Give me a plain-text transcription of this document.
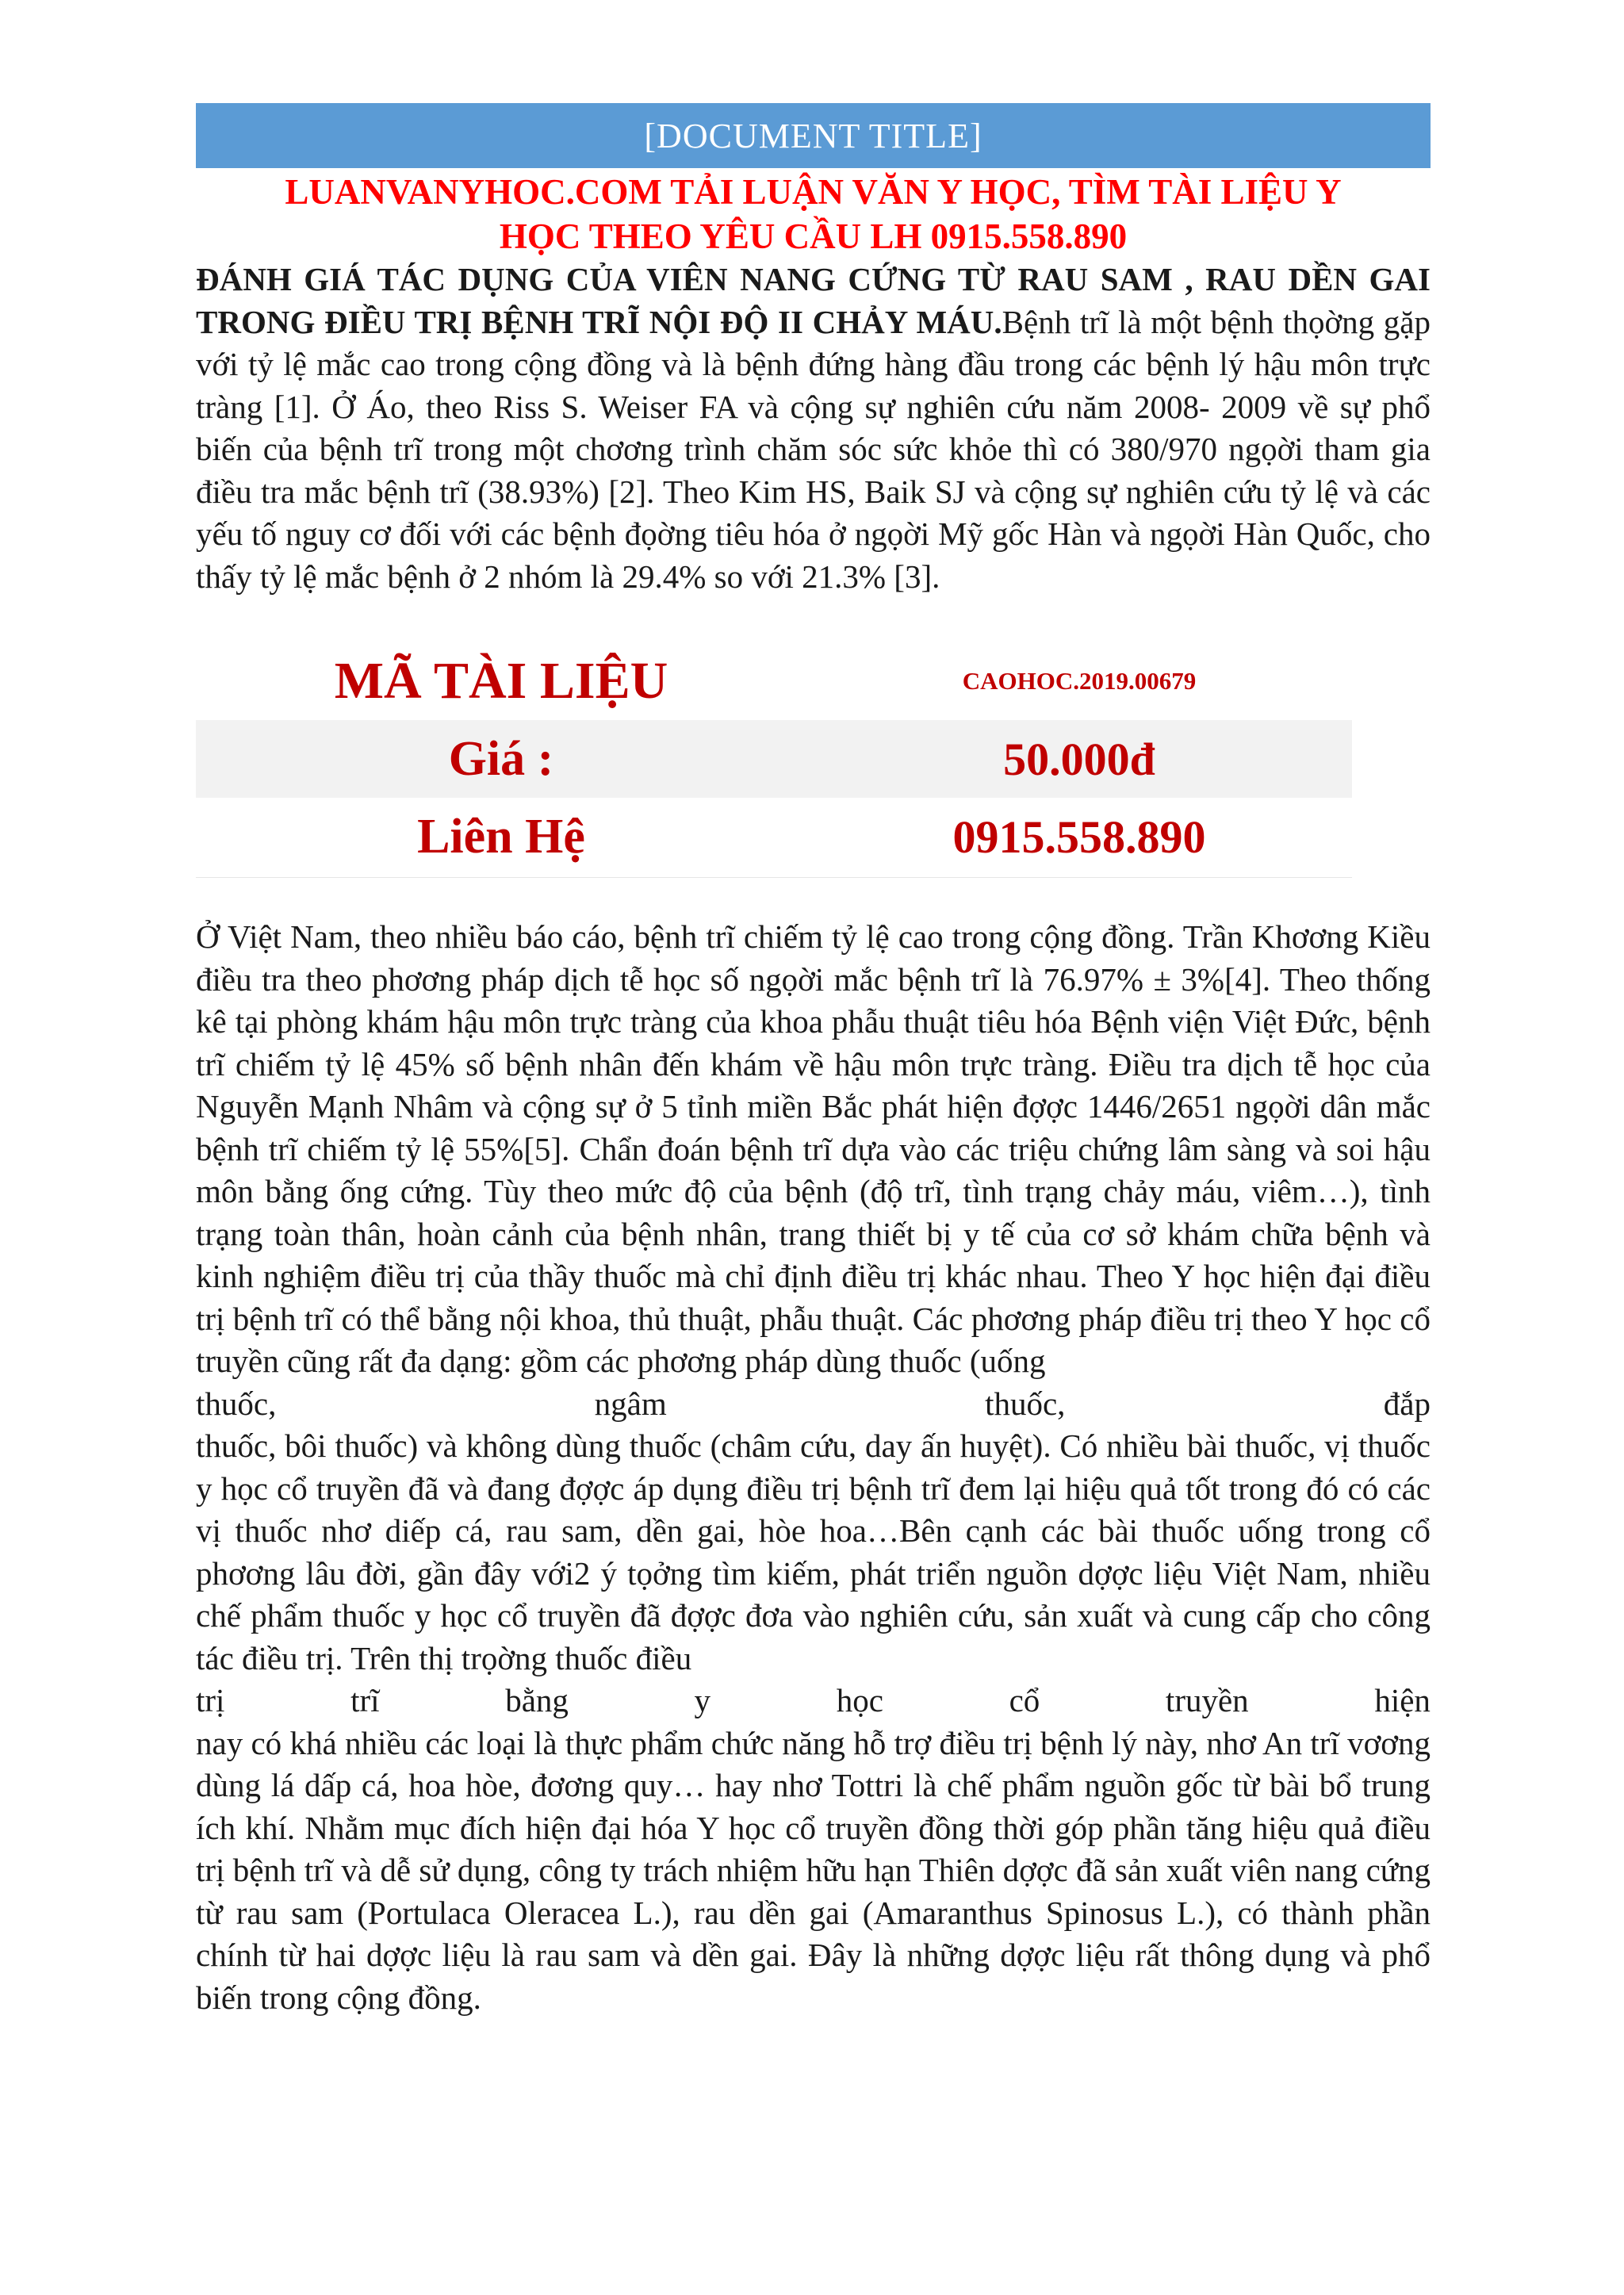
[DOCUMENT TITLE]
LUANVANYHOC.COM TẢI LUẬN VĂN Y HỌC, TÌM TÀI LIỆU Y
HỌC THEO YÊU CẦU LH 0915.558.890
ĐÁNH GIÁ TÁC DỤNG CỦA VIÊN NANG CỨNG TỪ RAU SAM , RAU DỀN GAI TRONG ĐIỀU TRỊ BỆNH TRĨ NỘI ĐỘ II CHẢY MÁU.Bệnh trĩ là một bệnh thọờng gặp với tỷ lệ mắc cao trong cộng đồng và là bệnh đứng hàng đầu trong các bệnh lý hậu môn trực tràng [1]. Ở Áo, theo Riss S. Weiser FA và cộng sự nghiên cứu năm 2008- 2009 về sự phổ biến của bệnh trĩ trong một chơơng trình chăm sóc sức khỏe thì có 380/970 ngọời tham gia điều tra mắc bệnh trĩ (38.93%) [2]. Theo Kim HS, Baik SJ và cộng sự nghiên cứu tỷ lệ và các yếu tố nguy cơ đối với các bệnh đọờng tiêu hóa ở ngọời Mỹ gốc Hàn và ngọời Hàn Quốc, cho thấy tỷ lệ mắc bệnh ở 2 nhóm là 29.4% so với 21.3% [3].
MÃ TÀI LIỆU	CAOHOC.2019.00679
Giá :	50.000đ
Liên Hệ	0915.558.890

Ở Việt Nam, theo nhiều báo cáo, bệnh trĩ chiếm tỷ lệ cao trong cộng đồng. Trần Khơơng Kiều điều tra theo phơơng pháp dịch tễ học số ngọời mắc bệnh trĩ là 76.97% ± 3%[4]. Theo thống kê tại phòng khám hậu môn trực tràng của khoa phẫu thuật tiêu hóa Bệnh viện Việt Đức, bệnh trĩ chiếm tỷ lệ 45% số bệnh nhân đến khám về hậu môn trực tràng. Điều tra dịch tễ học của Nguyễn Mạnh Nhâm và cộng sự ở 5 tỉnh miền Bắc phát hiện đợợc 1446/2651 ngọời dân mắc bệnh trĩ chiếm tỷ lệ 55%[5]. Chẩn đoán bệnh trĩ dựa vào các triệu chứng lâm sàng và soi hậu môn bằng ống cứng. Tùy theo mức độ của bệnh (độ trĩ, tình trạng chảy máu, viêm…), tình trạng toàn thân, hoàn cảnh của bệnh nhân, trang thiết bị y tế của cơ sở khám chữa bệnh và kinh nghiệm điều trị của thầy thuốc mà chỉ định điều trị khác nhau. Theo Y học hiện đại điều trị bệnh trĩ có thể bằng nội khoa, thủ thuật, phẫu thuật. Các phơơng pháp điều trị theo Y học cổ truyền cũng rất đa dạng: gồm các phơơng pháp dùng thuốc (uống

thuốc,	ngâm	thuốc,	đắp

thuốc, bôi thuốc) và không dùng thuốc (châm cứu, day ấn huyệt). Có nhiều bài thuốc, vị thuốc y học cổ truyền đã và đang đợợc áp dụng điều trị bệnh trĩ đem lại hiệu quả tốt trong đó có các vị thuốc nhơ diếp cá, rau sam, dền gai, hòe hoa…Bên cạnh các bài thuốc uống trong cổ phơơng lâu đời, gần đây với2 ý tọởng tìm kiếm, phát triển nguồn dợợc liệu Việt Nam, nhiều chế phẩm thuốc y học cổ truyền đã đợợc đơa vào nghiên cứu, sản xuất và cung cấp cho công tác điều trị. Trên thị trọờng thuốc điều

trị	trĩ	bằng	y	học	cổ	truyền	hiện

nay có khá nhiều các loại là thực phẩm chức năng hỗ trợ điều trị bệnh lý này, nhơ An trĩ vơơng dùng lá dấp cá, hoa hòe, đơơng quy… hay nhơ Tottri là chế phẩm nguồn gốc từ bài bổ trung ích khí. Nhằm mục đích hiện đại hóa Y học cổ truyền đồng thời góp phần tăng hiệu quả điều trị bệnh trĩ và dễ sử dụng, công ty trách nhiệm hữu hạn Thiên dợợc đã sản xuất viên nang cứng từ rau sam (Portulaca Oleracea L.), rau dền gai (Amaranthus Spinosus L.), có thành phần chính từ hai dợợc liệu là rau sam và dền gai. Đây là những dợợc liệu rất thông dụng và phổ biến trong cộng đồng.
